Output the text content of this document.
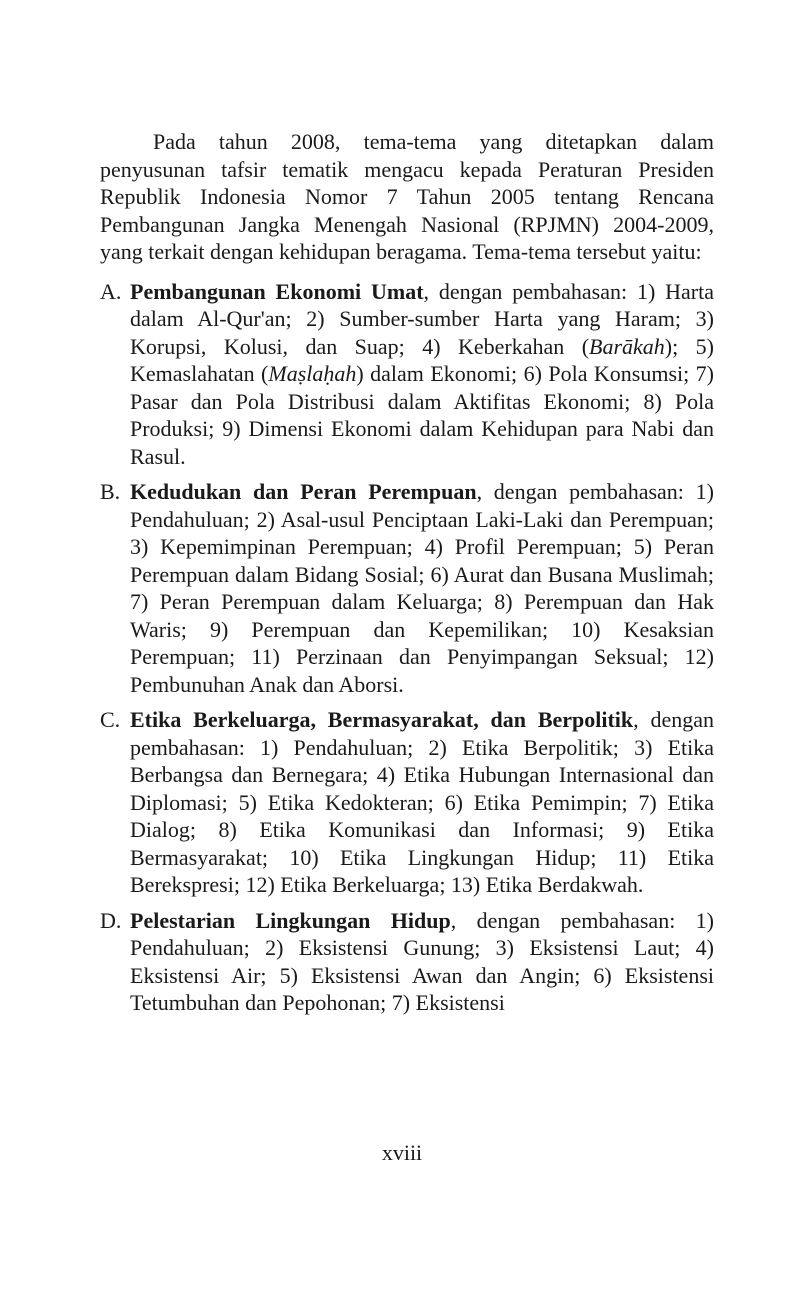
Pada tahun 2008, tema-tema yang ditetapkan dalam penyusunan tafsir tematik mengacu kepada Peraturan Presiden Republik Indonesia Nomor 7 Tahun 2005 tentang Rencana Pembangunan Jangka Menengah Nasional (RPJMN) 2004-2009, yang terkait dengan kehidupan beragama. Tema-tema tersebut yaitu:

A. Pembangunan Ekonomi Umat, dengan pembahasan: 1) Harta dalam Al-Qur'an; 2) Sumber-sumber Harta yang Haram; 3) Korupsi, Kolusi, dan Suap; 4) Keberkahan (Barākah); 5) Kemaslahatan (Maṣlaḥah) dalam Ekonomi; 6) Pola Konsumsi; 7) Pasar dan Pola Distribusi dalam Aktifitas Ekonomi; 8) Pola Produksi; 9) Dimensi Ekonomi dalam Kehidupan para Nabi dan Rasul.
B. Kedudukan dan Peran Perempuan, dengan pembahasan: 1) Pendahuluan; 2) Asal-usul Penciptaan Laki-Laki dan Perempuan; 3) Kepemimpinan Perempuan; 4) Profil Perempuan; 5) Peran Perempuan dalam Bidang Sosial; 6) Aurat dan Busana Muslimah; 7) Peran Perempuan dalam Keluarga; 8) Perempuan dan Hak Waris; 9) Perempuan dan Kepemilikan; 10) Kesaksian Perempuan; 11) Perzinaan dan Penyimpangan Seksual; 12) Pembunuhan Anak dan Aborsi.
C. Etika Berkeluarga, Bermasyarakat, dan Berpolitik, dengan pembahasan: 1) Pendahuluan; 2) Etika Berpolitik; 3) Etika Berbangsa dan Bernegara; 4) Etika Hubungan Internasional dan Diplomasi; 5) Etika Kedokteran; 6) Etika Pemimpin; 7) Etika Dialog; 8) Etika Komunikasi dan Informasi; 9) Etika Bermasyarakat; 10) Etika Lingkungan Hidup; 11) Etika Berekspresi; 12) Etika Berkeluarga; 13) Etika Berdakwah.
D. Pelestarian Lingkungan Hidup, dengan pembahasan: 1) Pendahuluan; 2) Eksistensi Gunung; 3) Eksistensi Laut; 4) Eksistensi Air; 5) Eksistensi Awan dan Angin; 6) Eksistensi Tetumbuhan dan Pepohonan; 7) Eksistensi
xviii
